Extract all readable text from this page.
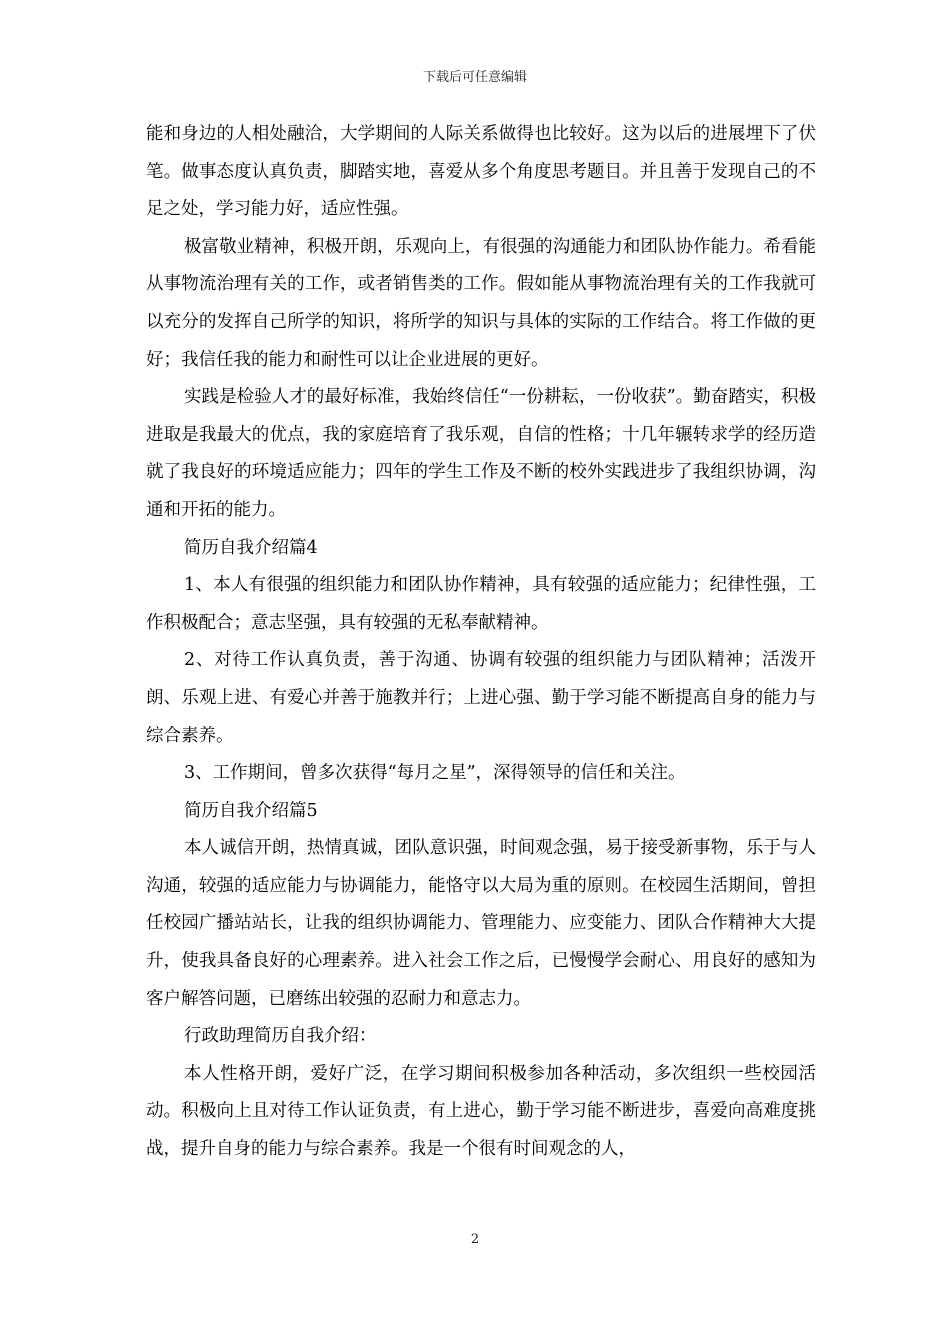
下载后可任意编辑

能和身边的人相处融洽，大学期间的人际关系做得也比较好。这为以后的进展埋下了伏笔。做事态度认真负责，脚踏实地，喜爱从多个角度思考题目。并且善于发现自己的不足之处，学习能力好，适应性强。

极富敬业精神，积极开朗，乐观向上，有很强的沟通能力和团队协作能力。希看能从事物流治理有关的工作，或者销售类的工作。假如能从事物流治理有关的工作我就可以充分的发挥自己所学的知识，将所学的知识与具体的实际的工作结合。将工作做的更好；我信任我的能力和耐性可以让企业进展的更好。

实践是检验人才的最好标准，我始终信任“一份耕耘，一份收获”。勤奋踏实，积极进取是我最大的优点，我的家庭培育了我乐观，自信的性格；十几年辗转求学的经历造就了我良好的环境适应能力；四年的学生工作及不断的校外实践进步了我组织协调，沟通和开拓的能力。

简历自我介绍篇4

1、本人有很强的组织能力和团队协作精神，具有较强的适应能力；纪律性强，工作积极配合；意志坚强，具有较强的无私奉献精神。

2、对待工作认真负责，善于沟通、协调有较强的组织能力与团队精神；活泼开朗、乐观上进、有爱心并善于施教并行；上进心强、勤于学习能不断提高自身的能力与综合素养。

3、工作期间，曾多次获得“每月之星”，深得领导的信任和关注。

简历自我介绍篇5

本人诚信开朗，热情真诚，团队意识强，时间观念强，易于接受新事物，乐于与人沟通，较强的适应能力与协调能力，能恪守以大局为重的原则。在校园生活期间，曾担任校园广播站站长，让我的组织协调能力、管理能力、应变能力、团队合作精神大大提升，使我具备良好的心理素养。进入社会工作之后，已慢慢学会耐心、用良好的感知为客户解答问题，已磨练出较强的忍耐力和意志力。

行政助理简历自我介绍：

本人性格开朗，爱好广泛，在学习期间积极参加各种活动，多次组织一些校园活动。积极向上且对待工作认证负责，有上进心，勤于学习能不断进步，喜爱向高难度挑战，提升自身的能力与综合素养。我是一个很有时间观念的人，

2
